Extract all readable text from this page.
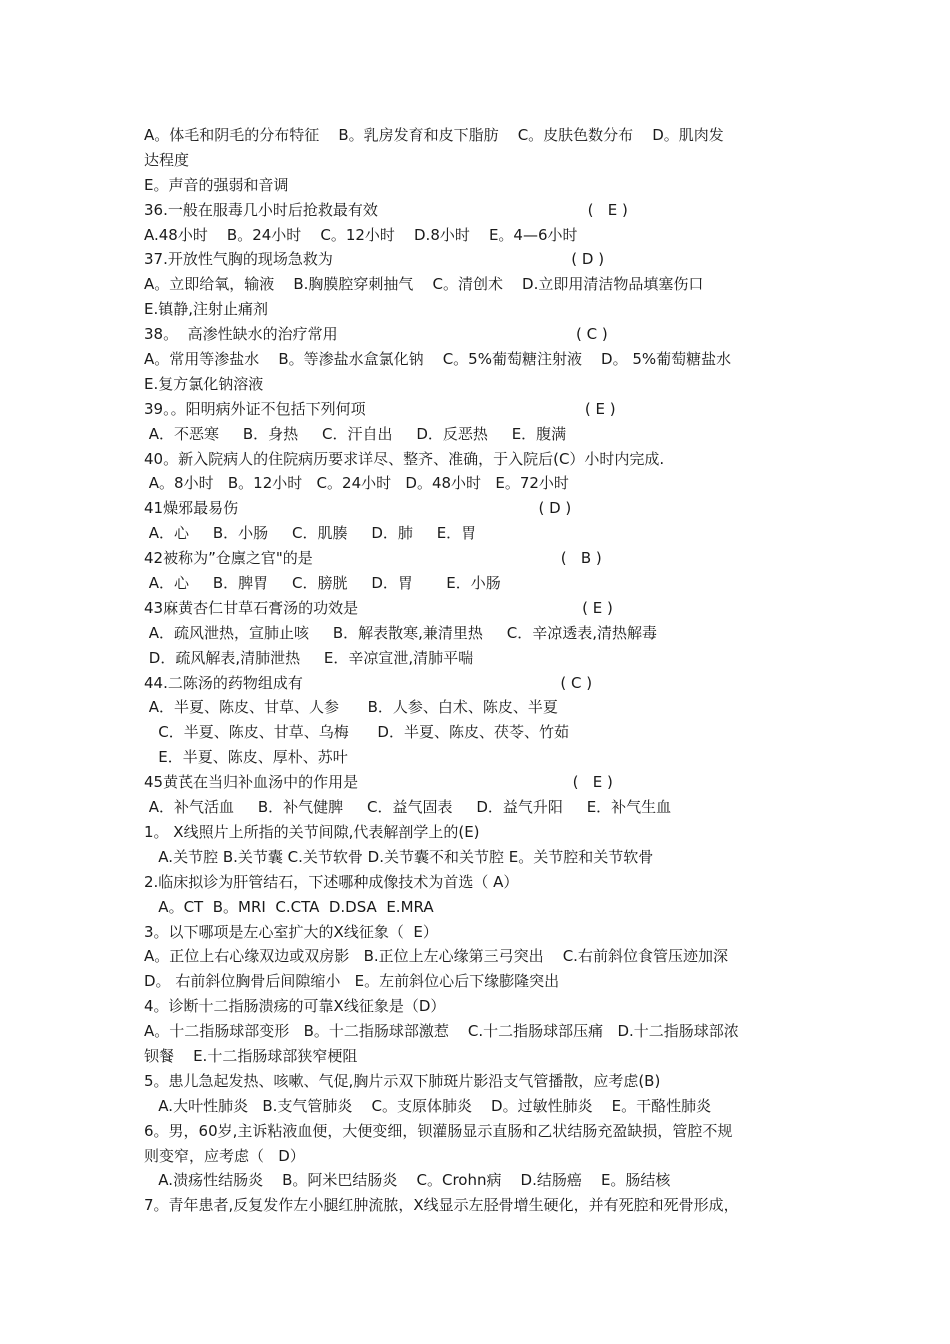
A。体毛和阴毛的分布特征    B。乳房发育和皮下脂肪    C。皮肤色数分布    D。肌肉发
达程度
E。声音的强弱和音调
36.一般在服毒几小时后抢救最有效                                            (   E )
A.48小时    B。24小时    C。12小时    D.8小时    E。4—6小时
37.开放性气胸的现场急救为                                                  ( D )
A。立即给氧，输液    B.胸膜腔穿刺抽气    C。清创术    D.立即用清洁物品填塞伤口
E.镇静,注射止痛剂
38。  高渗性缺水的治疗常用                                                  ( C )
A。常用等渗盐水    B。等渗盐水盒氯化钠    C。5%葡萄糖注射液    D。 5%葡萄糖盐水
E.复方氯化钠溶液
39。。阳明病外证不包括下列何项                                              ( E )
A．不恶寒     B．身热     C．汗自出     D．反恶热     E．腹满
40。新入院病人的住院病历要求详尽、整齐、准确，于入院后(C）小时内完成.
A。8小时   B。12小时   C。24小时   D。48小时   E。72小时
41燥邪最易伤                                                               ( D )
A．心     B．小肠     C．肌腠     D．肺     E．胃
42被称为”仓廪之官"的是                                                    (   B )
A．心     B．脾胃     C．膀胱     D．胃       E．小肠
43麻黄杏仁甘草石膏汤的功效是                                               ( E )
A．疏风泄热，宣肺止咳     B．解表散寒,兼清里热     C．辛凉透表,清热解毒
D．疏风解表,清肺泄热     E．辛凉宣泄,清肺平喘
44.二陈汤的药物组成有                                                      ( C )
A．半夏、陈皮、甘草、人参      B．人参、白术、陈皮、半夏
C．半夏、陈皮、甘草、乌梅      D．半夏、陈皮、茯苓、竹茹
E．半夏、陈皮、厚朴、苏叶
45黄芪在当归补血汤中的作用是                                             (   E )
A．补气活血     B．补气健脾     C．益气固表     D．益气升阳     E．补气生血
1。 X线照片上所指的关节间隙,代表解剖学上的(E)
A.关节腔 B.关节囊 C.关节软骨 D.关节囊不和关节腔 E。关节腔和关节软骨
2.临床拟诊为肝管结石，下述哪种成像技术为首选（ A）
A。CT  B。MRI  C.CTA  D.DSA  E.MRA
3。以下哪项是左心室扩大的X线征象（  E）
A。正位上右心缘双边或双房影   B.正位上左心缘第三弓突出    C.右前斜位食管压迹加深
D。 右前斜位胸骨后间隙缩小   E。左前斜位心后下缘膨隆突出
4。诊断十二指肠溃疡的可靠X线征象是（D）
A。十二指肠球部变形   B。十二指肠球部激惹    C.十二指肠球部压痛   D.十二指肠球部浓
钡餐    E.十二指肠球部狭窄梗阻
5。患儿急起发热、咳嗽、气促,胸片示双下肺斑片影沿支气管播散，应考虑(B)
A.大叶性肺炎   B.支气管肺炎    C。支原体肺炎    D。过敏性肺炎    E。干酪性肺炎
6。男，60岁,主诉粘液血便，大便变细，钡灌肠显示直肠和乙状结肠充盈缺损，管腔不规
则变窄，应考虑（   D）
A.溃疡性结肠炎    B。阿米巴结肠炎    C。Crohn病    D.结肠癌    E。肠结核
7。青年患者,反复发作左小腿红肿流脓，X线显示左胫骨增生硬化，并有死腔和死骨形成，
